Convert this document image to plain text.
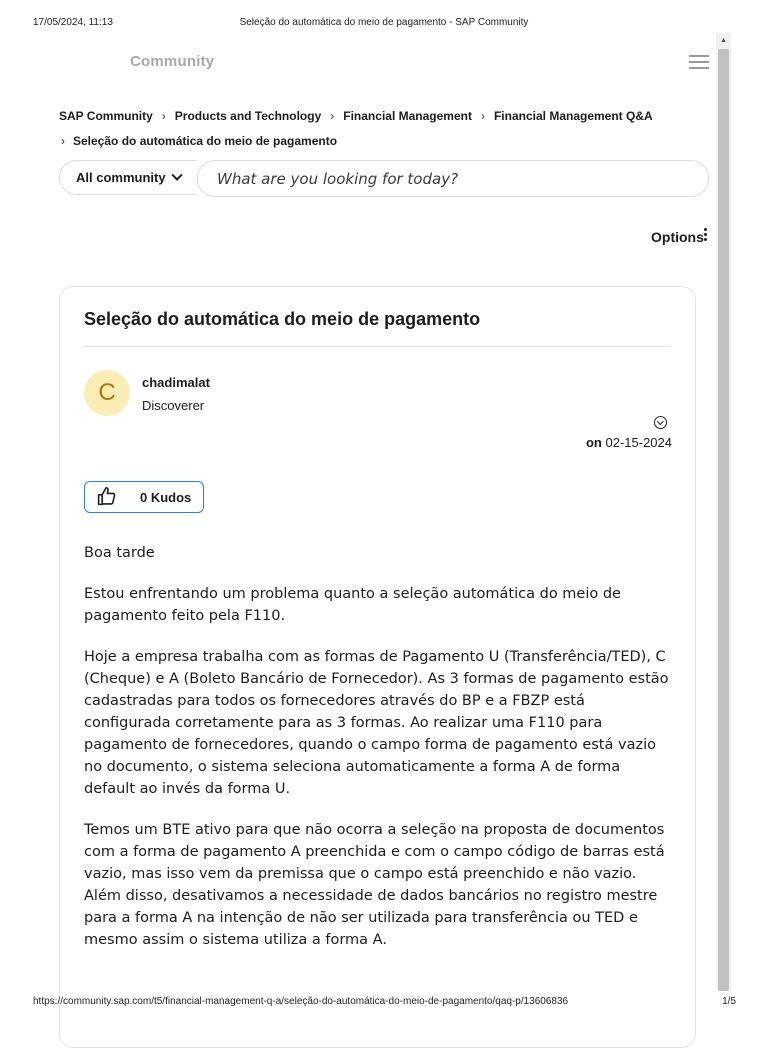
17/05/2024, 11:13	Seleção do automática do meio de pagamento - SAP Community
▲
Community
SAP Community › Products and Technology › Financial Management › Financial Management Q&A
› Seleção do automática do meio de pagamento
All community
What are you looking for today?
Options
Seleção do automática do meio de pagamento
C	chadimalat
Discoverer
on 02-15-2024
0 Kudos

Boa tarde

Estou enfrentando um problema quanto a seleção automática do meio de pagamento feito pela F110.

Hoje a empresa trabalha com as formas de Pagamento U (Transferência/TED), C (Cheque) e A (Boleto Bancário de Fornecedor). As 3 formas de pagamento estão cadastradas para todos os fornecedores através do BP e a FBZP está configurada corretamente para as 3 formas. Ao realizar uma F110 para pagamento de fornecedores, quando o campo forma de pagamento está vazio no documento, o sistema seleciona automaticamente a forma A de forma default ao invés da forma U.

Temos um BTE ativo para que não ocorra a seleção na proposta de documentos com a forma de pagamento A preenchida e com o campo código de barras está vazio, mas isso vem da premissa que o campo está preenchido e não vazio. Além disso, desativamos a necessidade de dados bancários no registro mestre para a forma A na intenção de não ser utilizada para transferência ou TED e mesmo assim o sistema utiliza a forma A.

https://community.sap.com/t5/financial-management-q-a/seleção-do-automática-do-meio-de-pagamento/qaq-p/13606836	1/5
